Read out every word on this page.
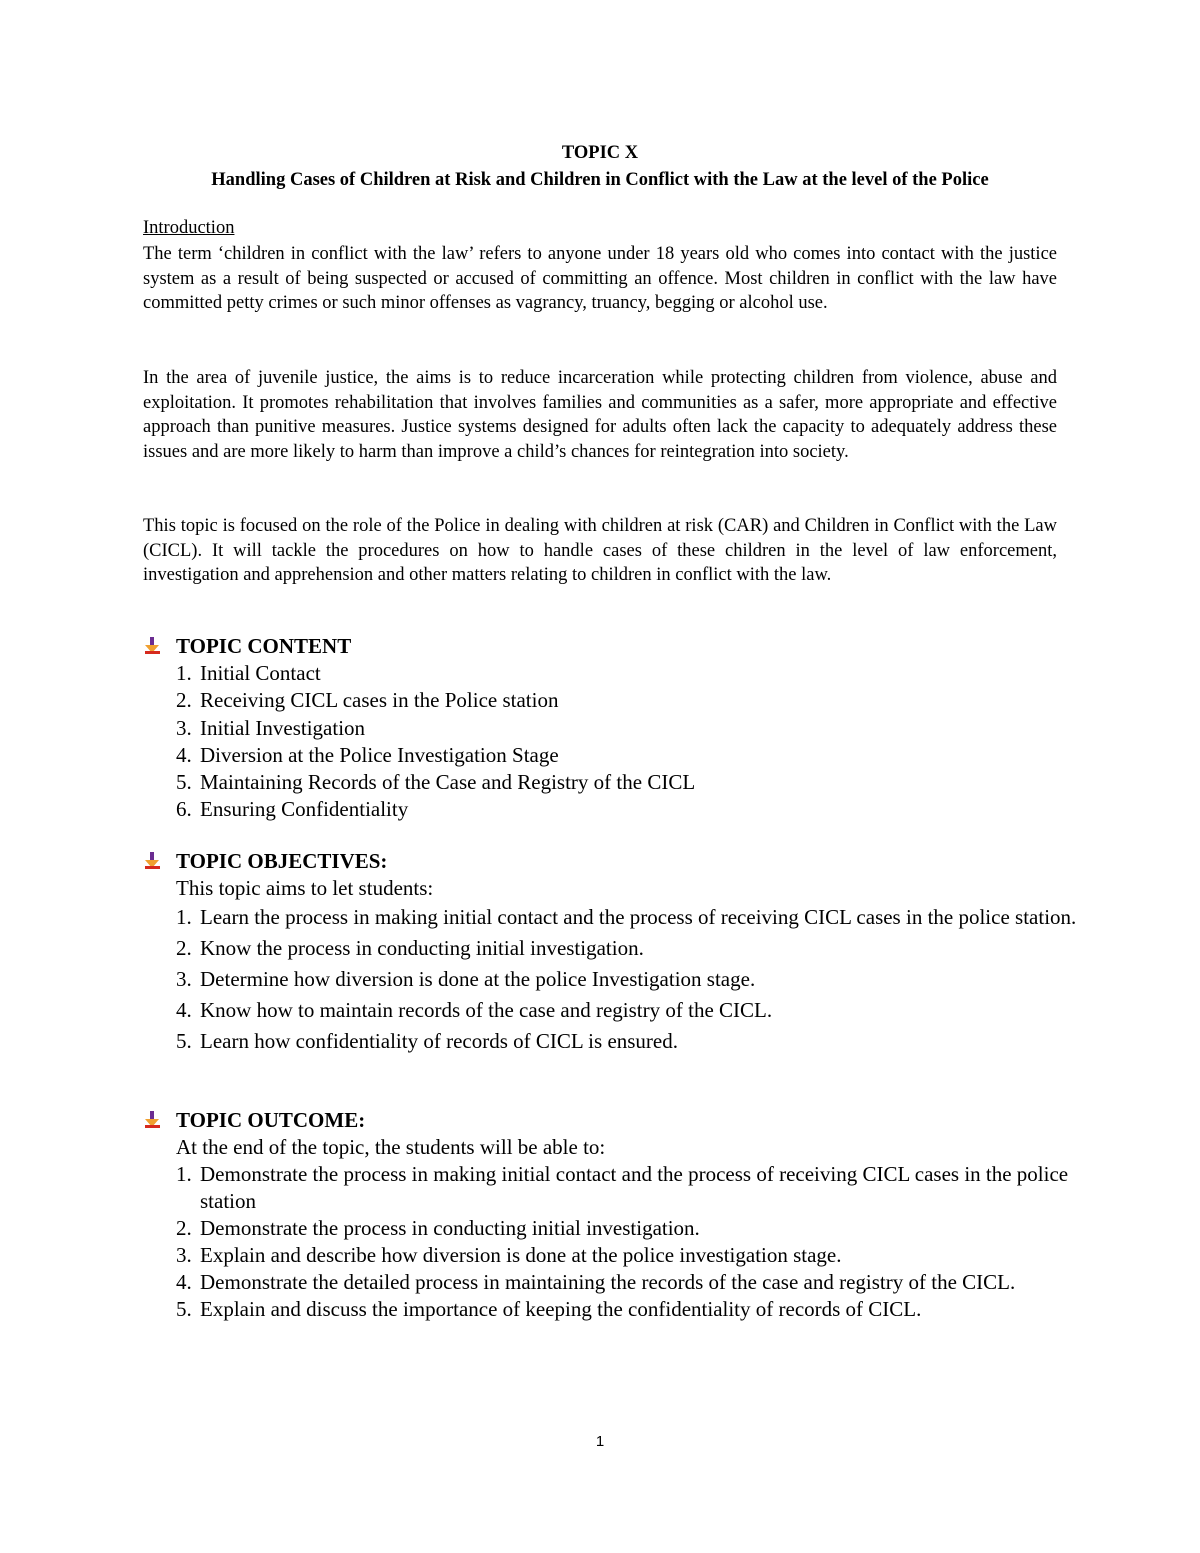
TOPIC X

Handling Cases of Children at Risk and Children in Conflict with the Law at the level of the Police

Introduction

The term ‘children in conflict with the law’ refers to anyone under 18 years old who comes into contact with the justice system as a result of being suspected or accused of committing an offence. Most children in conflict with the law have committed petty crimes or such minor offenses as vagrancy, truancy, begging or alcohol use.

In the area of juvenile justice, the aims is to reduce incarceration while protecting children from violence, abuse and exploitation. It promotes rehabilitation that involves families and communities as a safer, more appropriate and effective approach than punitive measures. Justice systems designed for adults often lack the capacity to adequately address these issues and are more likely to harm than improve a child’s chances for reintegration into society.

This topic is focused on the role of the Police in dealing with children at risk (CAR) and Children in Conflict with the Law (CICL). It will tackle the procedures on how to handle cases of these children in the level of law enforcement, investigation and apprehension and other matters relating to children in conflict with the law.

TOPIC CONTENT

1. Initial Contact
2. Receiving CICL cases in the Police station
3. Initial Investigation
4. Diversion at the Police Investigation Stage
5. Maintaining Records of the Case and Registry of the CICL
6. Ensuring Confidentiality

TOPIC OBJECTIVES:

This topic aims to let students:

1. Learn the process in making initial contact and the process of receiving CICL cases in the police station.
2. Know the process in conducting initial investigation.
3. Determine how diversion is done at the police Investigation stage.
4. Know how to maintain records of the case and registry of the CICL.
5. Learn how confidentiality of records of CICL is ensured.

TOPIC OUTCOME:

At the end of the topic, the students will be able to:

1. Demonstrate the process in making initial contact and the process of receiving CICL cases in the police station
2. Demonstrate the process in conducting initial investigation.
3. Explain and describe how diversion is done at the police investigation stage.
4. Demonstrate the detailed process in maintaining the records of the case and registry of the CICL.
5. Explain and discuss the importance of keeping the confidentiality of records of CICL.

1
